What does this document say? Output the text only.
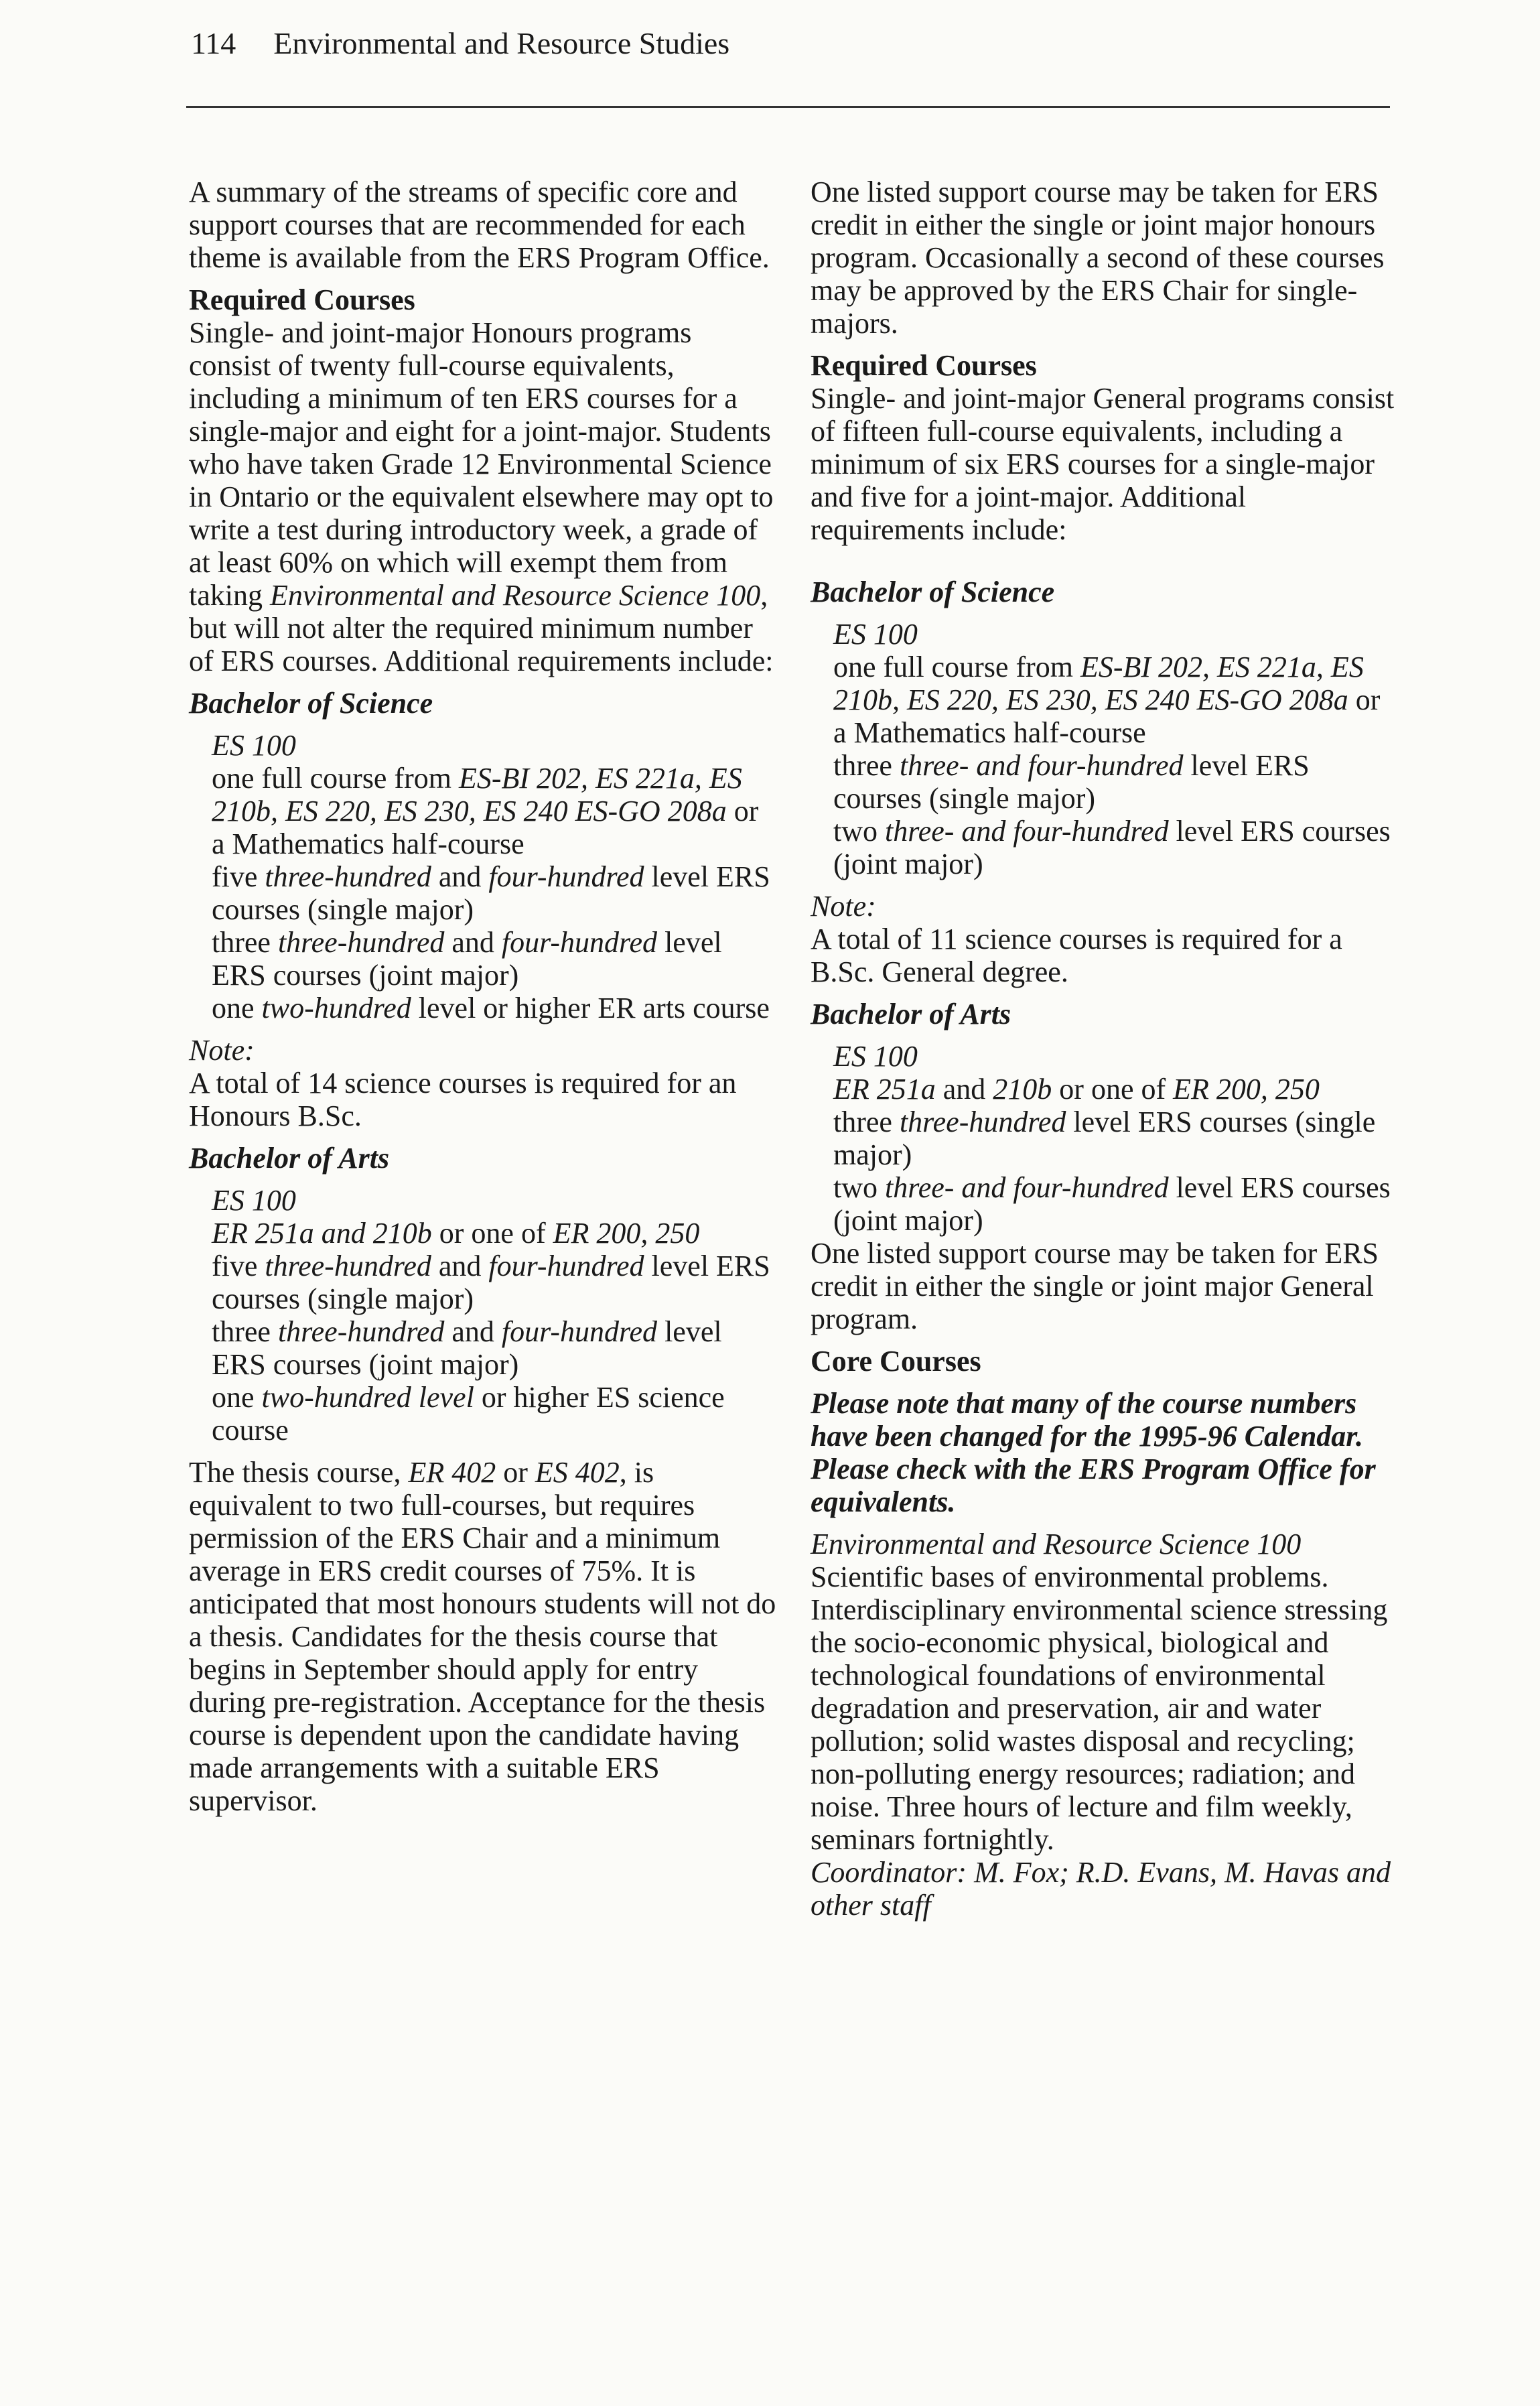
114 Environmental and Resource Studies

A summary of the streams of specific core and support courses that are recommended for each theme is available from the ERS Program Office.

Required Courses

Single- and joint-major Honours programs consist of twenty full-course equivalents, including a minimum of ten ERS courses for a single-major and eight for a joint-major. Students who have taken Grade 12 Environmental Science in Ontario or the equivalent elsewhere may opt to write a test during introductory week, a grade of at least 60% on which will exempt them from taking Environmental and Resource Science 100, but will not alter the required minimum number of ERS courses. Additional requirements include:

Bachelor of Science

ES 100

one full course from ES-BI 202, ES 221a, ES 210b, ES 220, ES 230, ES 240 ES-GO 208a or a Mathematics half-course

five three-hundred and four-hundred level ERS courses (single major)

three three-hundred and four-hundred level ERS courses (joint major)

one two-hundred level or higher ER arts course

Note:

A total of 14 science courses is required for an Honours B.Sc.

Bachelor of Arts

ES 100

ER 251a and 210b or one of ER 200, 250

five three-hundred and four-hundred level ERS courses (single major)

three three-hundred and four-hundred level ERS courses (joint major)

one two-hundred level or higher ES science course

The thesis course, ER 402 or ES 402, is equivalent to two full-courses, but requires permission of the ERS Chair and a minimum average in ERS credit courses of 75%. It is anticipated that most honours students will not do a thesis. Candidates for the thesis course that begins in September should apply for entry during pre-registration. Acceptance for the thesis course is dependent upon the candidate having made arrangements with a suitable ERS supervisor.

One listed support course may be taken for ERS credit in either the single or joint major honours program. Occasionally a second of these courses may be approved by the ERS Chair for single-majors.

Required Courses

Single- and joint-major General programs consist of fifteen full-course equivalents, including a minimum of six ERS courses for a single-major and five for a joint-major. Additional requirements include:

Bachelor of Science

ES 100

one full course from ES-BI 202, ES 221a, ES 210b, ES 220, ES 230, ES 240 ES-GO 208a or a Mathematics half-course

three three- and four-hundred level ERS courses (single major)

two three- and four-hundred level ERS courses (joint major)

Note:

A total of 11 science courses is required for a B.Sc. General degree.

Bachelor of Arts

ES 100

ER 251a and 210b or one of ER 200, 250

three three-hundred level ERS courses (single major)

two three- and four-hundred level ERS courses (joint major)

One listed support course may be taken for ERS credit in either the single or joint major General program.

Core Courses

Please note that many of the course numbers have been changed for the 1995-96 Calendar. Please check with the ERS Program Office for equivalents.

Environmental and Resource Science 100

Scientific bases of environmental problems. Interdisciplinary environmental science stressing the socio-economic physical, biological and technological foundations of environmental degradation and preservation, air and water pollution; solid wastes disposal and recycling; non-polluting energy resources; radiation; and noise. Three hours of lecture and film weekly, seminars fortnightly.

Coordinator: M. Fox; R.D. Evans, M. Havas and other staff
